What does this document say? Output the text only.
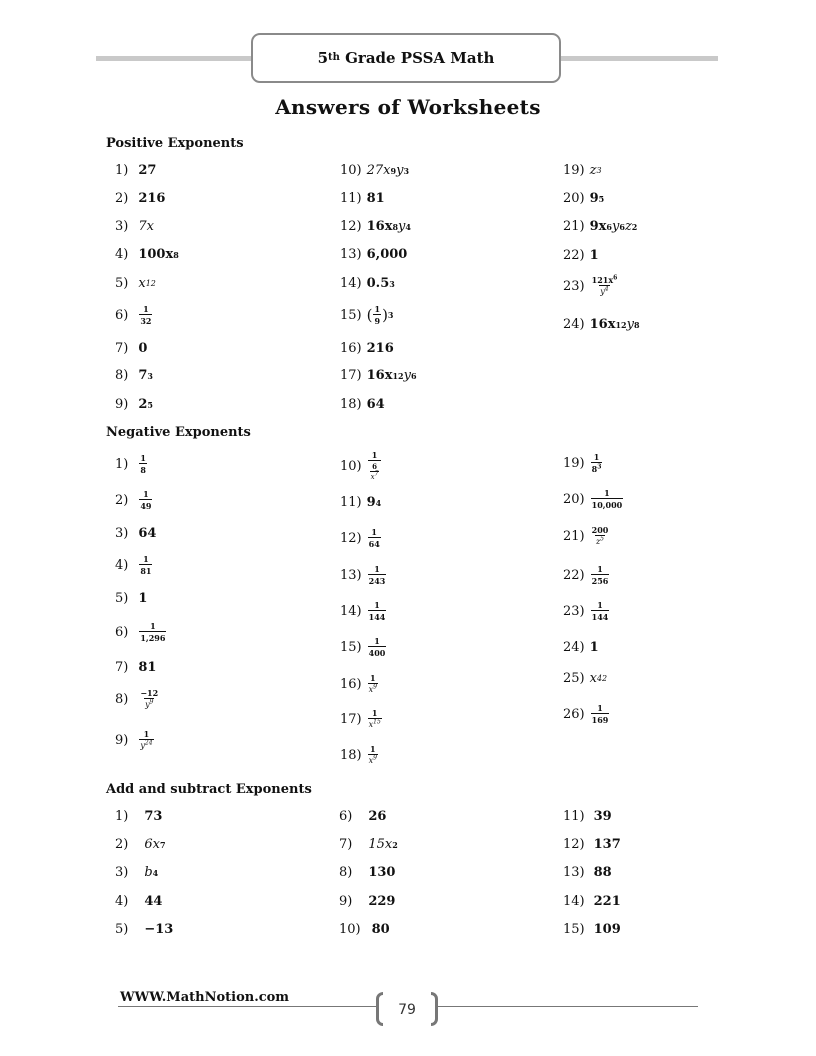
5 th Grade PSSA Math
Answers of Worksheets
Positive Exponents
1) 27
2) 216
3) 7x
4) 100x 8
5) x 12
$6) \frac{1}{32}$
7) 0
8) 7 3
9) 2 5
10) 27x 9 y 3
11) 81
12) 16x 8 y 4
13) 6,000
14) 0.5 3
15) ( $\frac{1}{9}$ ) 3
16) 216
17) 16x 12 y 6
18) 64
19) z 3
20) 9 5
21) 9x 6 y 6 z 2
22) 1
$23) \frac{121x^6}{y^4}$
24) 16x 12 y 8
Negative Exponents
$1) \frac{1}{8}$
$2) \frac{1}{49}$
3) 64
$4) \frac{1}{81}$
5) 1
$6) \frac{1}{1,296}$
7) 81
$8) \frac{-12}{y^9}$
$9) \frac{1}{y^{24}}$
$10) \frac{1}{\frac{6}{x^7}}$
11) 9 4
$12) \frac{1}{64}$
$13) \frac{1}{243}$
$14) \frac{1}{144}$
$15) \frac{1}{400}$
$16) \frac{1}{x^9}$
$17) \frac{1}{x^{15}}$
$18) \frac{1}{x^9}$
$19) \frac{1}{8^3}$
$20) \frac{1}{10,000}$
$21) \frac{200}{z^5}$
$22) \frac{1}{256}$
$23) \frac{1}{144}$
24) 1
25) x 42
$26) \frac{1}{169}$
Add and subtract Exponents
1) 73
2) 6x 7
3) b 4
4) 44
5) −13
6) 26
7) 15x 2
8) 130
9) 229
10) 80
11) 39
12) 137
13) 88
14) 221
15) 109
WWW.MathNotion.com
79
